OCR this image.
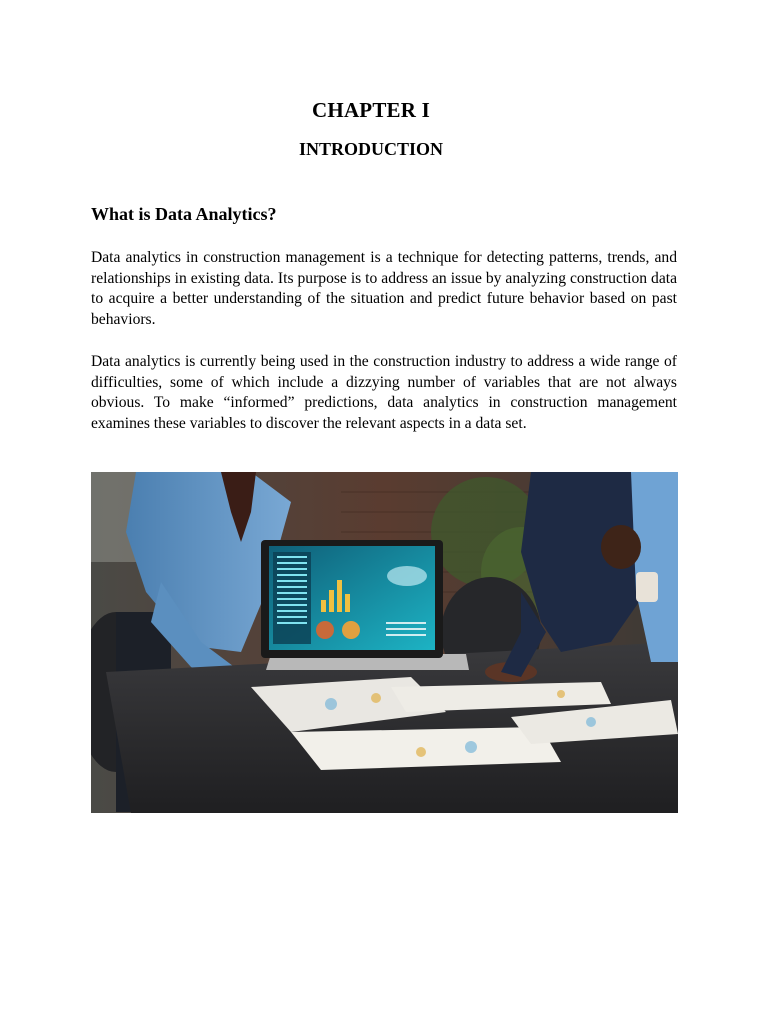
CHAPTER I
INTRODUCTION
What is Data Analytics?

Data analytics in construction management is a technique for detecting patterns, trends, and relationships in existing data. Its purpose is to address an issue by analyzing construction data to acquire a better understanding of the situation and predict future behavior based on past behaviors.

Data analytics is currently being used in the construction industry to address a wide range of difficulties, some of which include a dizzying number of variables that are not always obvious. To make “informed” predictions, data analytics in construction management examines these variables to discover the relevant aspects in a data set.
